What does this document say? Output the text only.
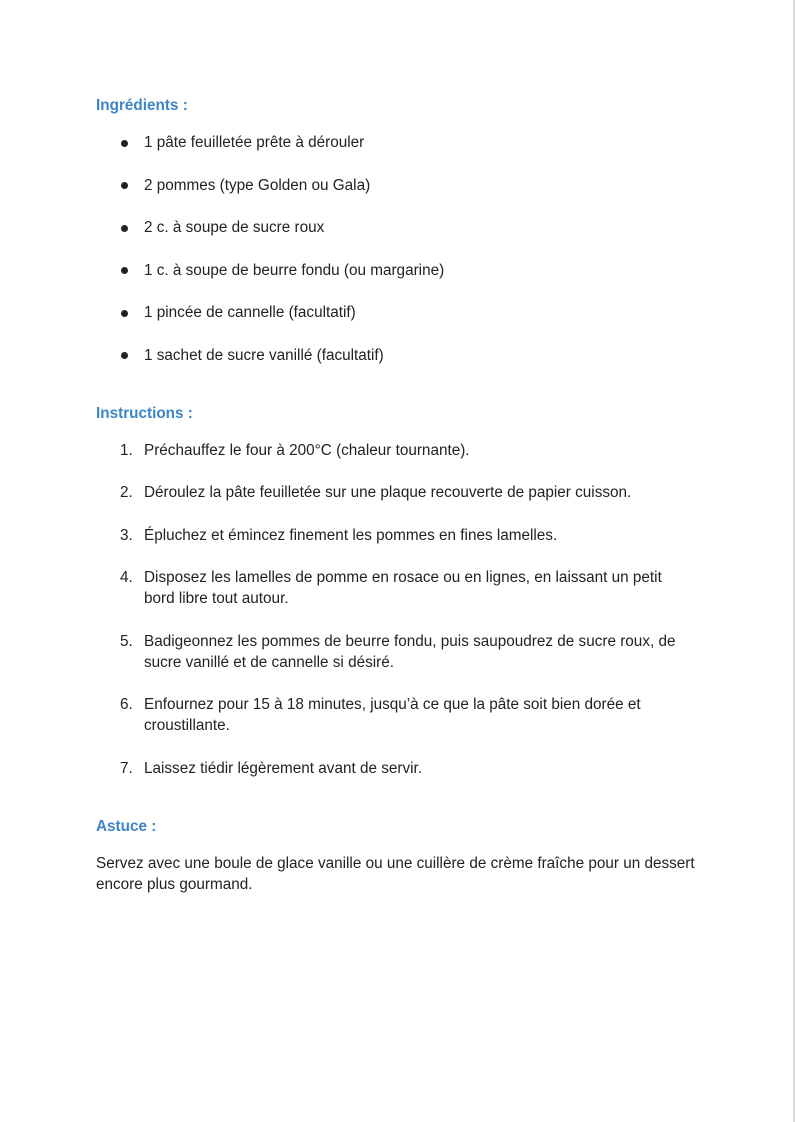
Ingrédients :
1 pâte feuilletée prête à dérouler
2 pommes (type Golden ou Gala)
2 c. à soupe de sucre roux
1 c. à soupe de beurre fondu (ou margarine)
1 pincée de cannelle (facultatif)
1 sachet de sucre vanillé (facultatif)
Instructions :
1. Préchauffez le four à 200°C (chaleur tournante).
2. Déroulez la pâte feuilletée sur une plaque recouverte de papier cuisson.
3. Épluchez et émincez finement les pommes en fines lamelles.
4. Disposez les lamelles de pomme en rosace ou en lignes, en laissant un petit bord libre tout autour.
5. Badigeonnez les pommes de beurre fondu, puis saupoudrez de sucre roux, de sucre vanillé et de cannelle si désiré.
6. Enfournez pour 15 à 18 minutes, jusqu’à ce que la pâte soit bien dorée et croustillante.
7. Laissez tiédir légèrement avant de servir.
Astuce :

Servez avec une boule de glace vanille ou une cuillère de crème fraîche pour un dessert encore plus gourmand.
